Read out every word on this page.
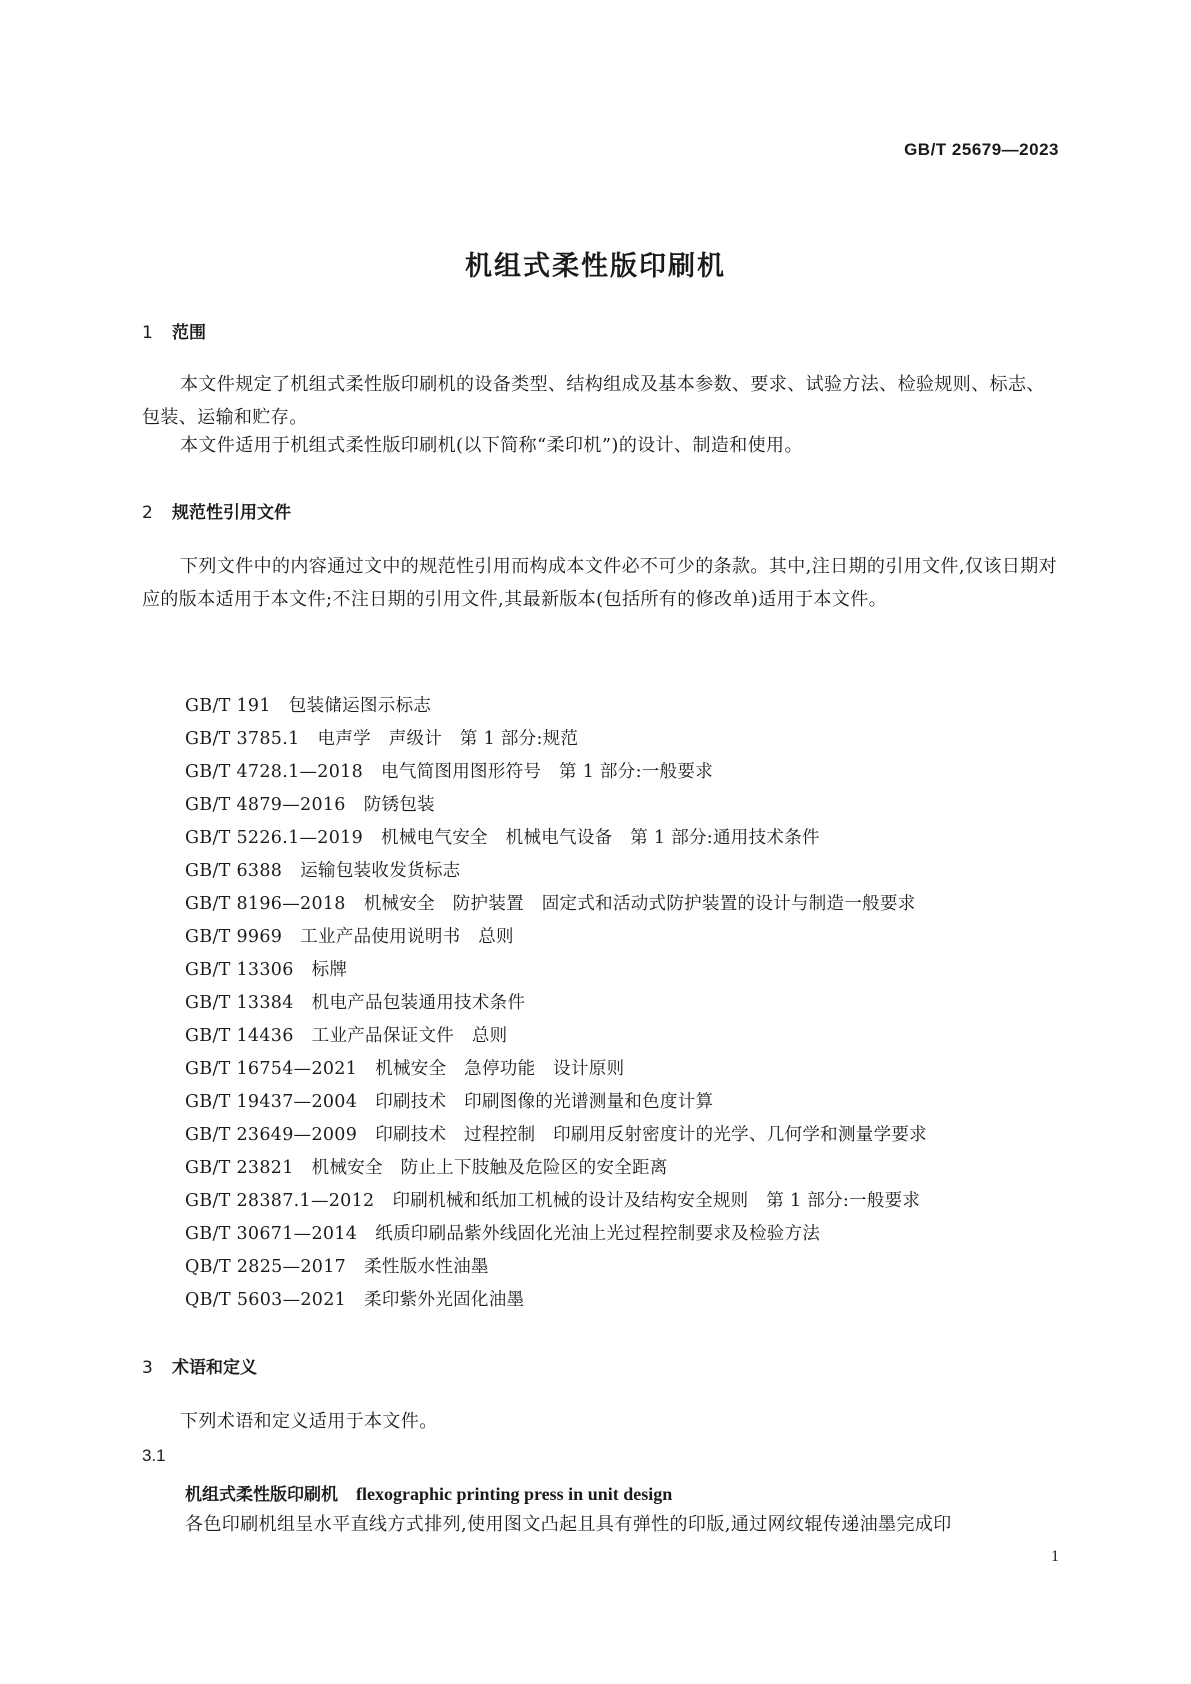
GB/T 25679—2023
机组式柔性版印刷机
1 范围
本文件规定了机组式柔性版印刷机的设备类型、结构组成及基本参数、要求、试验方法、检验规则、标志、包装、运输和贮存。
本文件适用于机组式柔性版印刷机(以下简称“柔印机”)的设计、制造和使用。
2 规范性引用文件
下列文件中的内容通过文中的规范性引用而构成本文件必不可少的条款。其中,注日期的引用文件,仅该日期对应的版本适用于本文件;不注日期的引用文件,其最新版本(包括所有的修改单)适用于本文件。
GB/T 191 包装储运图示标志
GB/T 3785.1 电声学　声级计　第 1 部分:规范
GB/T 4728.1—2018 电气简图用图形符号　第 1 部分:一般要求
GB/T 4879—2016 防锈包装
GB/T 5226.1—2019 机械电气安全　机械电气设备　第 1 部分:通用技术条件
GB/T 6388 运输包装收发货标志
GB/T 8196—2018 机械安全　防护装置　固定式和活动式防护装置的设计与制造一般要求
GB/T 9969 工业产品使用说明书　总则
GB/T 13306 标牌
GB/T 13384 机电产品包装通用技术条件
GB/T 14436 工业产品保证文件　总则
GB/T 16754—2021 机械安全　急停功能　设计原则
GB/T 19437—2004 印刷技术　印刷图像的光谱测量和色度计算
GB/T 23649—2009 印刷技术　过程控制　印刷用反射密度计的光学、几何学和测量学要求
GB/T 23821 机械安全　防止上下肢触及危险区的安全距离
GB/T 28387.1—2012 印刷机械和纸加工机械的设计及结构安全规则　第 1 部分:一般要求
GB/T 30671—2014 纸质印刷品紫外线固化光油上光过程控制要求及检验方法
QB/T 2825—2017 柔性版水性油墨
QB/T 5603—2021 柔印紫外光固化油墨
3 术语和定义
下列术语和定义适用于本文件。
3.1
机组式柔性版印刷机 flexographic printing press in unit design
各色印刷机组呈水平直线方式排列,使用图文凸起且具有弹性的印版,通过网纹辊传递油墨完成印
1
